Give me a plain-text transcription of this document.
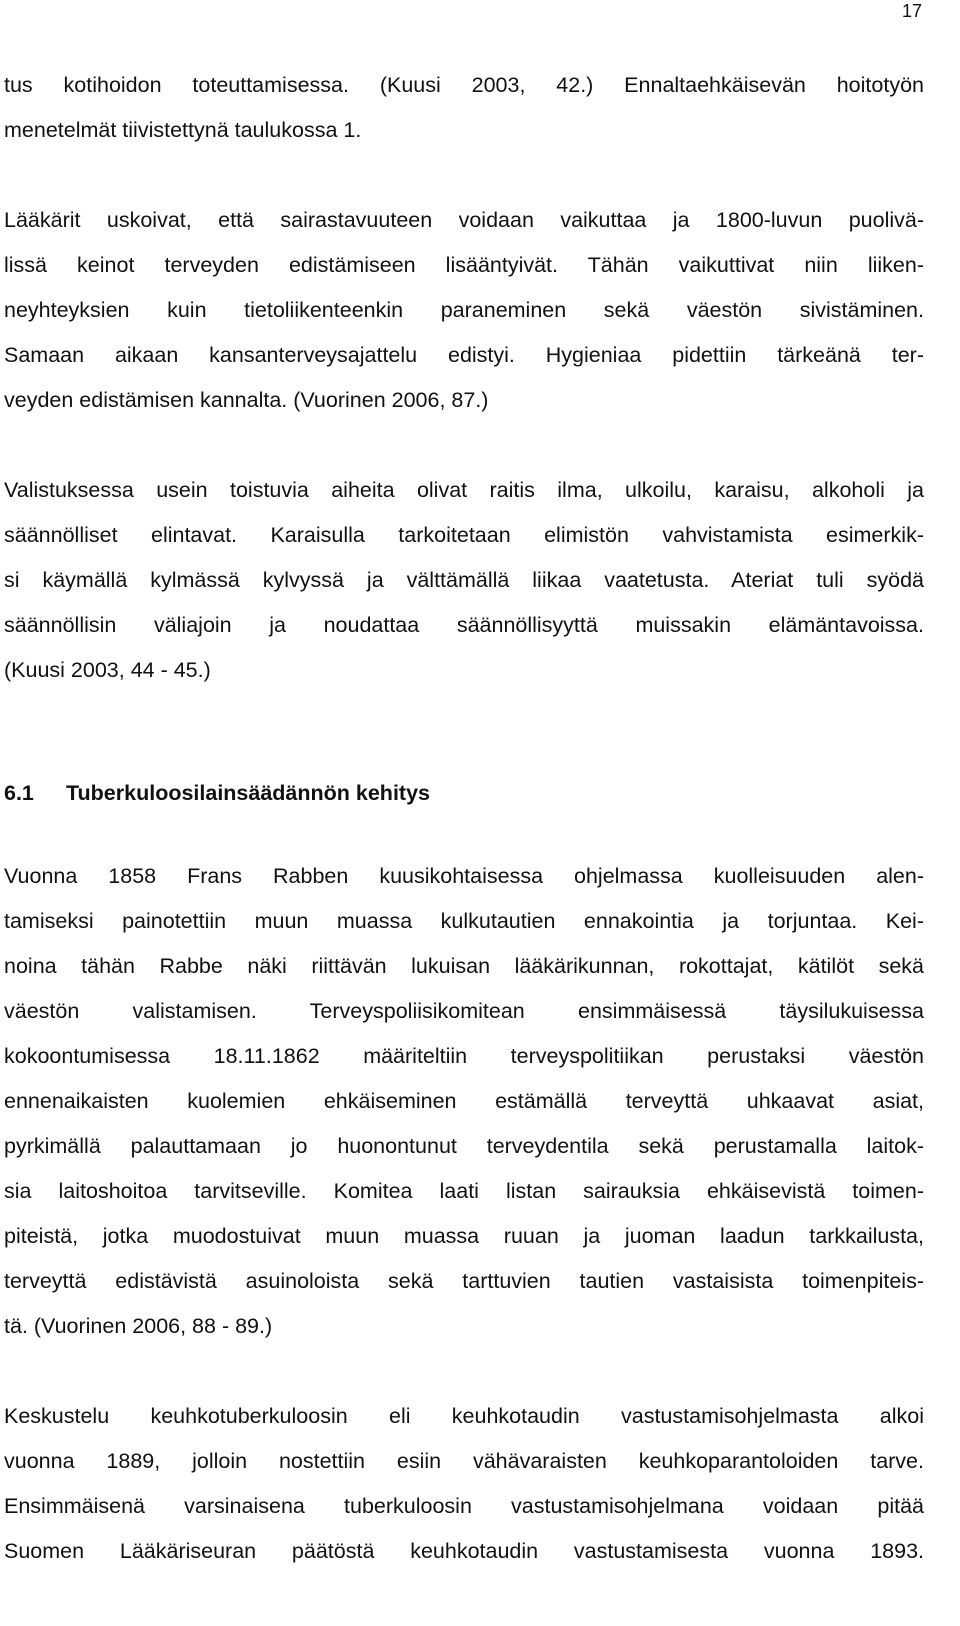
17
tus kotihoidon toteuttamisessa. (Kuusi 2003, 42.) Ennaltaehkäisevän hoitotyön
menetelmät tiivistettynä taulukossa 1.
Lääkärit uskoivat, että sairastavuuteen voidaan vaikuttaa ja 1800-luvun puolivä-
lissä keinot terveyden edistämiseen lisääntyivät. Tähän vaikuttivat niin liiken-
neyhteyksien kuin tietoliikenteenkin paraneminen sekä väestön sivistäminen.
Samaan aikaan kansanterveysajattelu edistyi. Hygieniaa pidettiin tärkeänä ter-
veyden edistämisen kannalta. (Vuorinen 2006, 87.)
Valistuksessa usein toistuvia aiheita olivat raitis ilma, ulkoilu, karaisu, alkoholi ja
säännölliset elintavat. Karaisulla tarkoitetaan elimistön vahvistamista esimerkik-
si käymällä kylmässä kylvyssä ja välttämällä liikaa vaatetusta. Ateriat tuli syödä
säännöllisin väliajoin ja noudattaa säännöllisyyttä muissakin elämäntavoissa.
(Kuusi 2003, 44 - 45.)
6.1 Tuberkuloosilainsäädännön kehitys
Vuonna 1858 Frans Rabben kuusikohtaisessa ohjelmassa kuolleisuuden alen-
tamiseksi painotettiin muun muassa kulkutautien ennakointia ja torjuntaa. Kei-
noina tähän Rabbe näki riittävän lukuisan lääkärikunnan, rokottajat, kätilöt sekä
väestön valistamisen. Terveyspoliisikomitean ensimmäisessä täysilukuisessa
kokoontumisessa 18.11.1862 määriteltiin terveyspolitiikan perustaksi väestön
ennenaikaisten kuolemien ehkäiseminen estämällä terveyttä uhkaavat asiat,
pyrkimällä palauttamaan jo huonontunut terveydentila sekä perustamalla laitok-
sia laitoshoitoa tarvitseville. Komitea laati listan sairauksia ehkäisevistä toimen-
piteistä, jotka muodostuivat muun muassa ruuan ja juoman laadun tarkkailusta,
terveyttä edistävistä asuinoloista sekä tarttuvien tautien vastaisista toimenpiteis-
tä. (Vuorinen 2006, 88 - 89.)
Keskustelu keuhkotuberkuloosin eli keuhkotaudin vastustamisohjelmasta alkoi
vuonna 1889, jolloin nostettiin esiin vähävaraisten keuhkoparantoloiden tarve.
Ensimmäisenä varsinaisena tuberkuloosin vastustamisohjelmana voidaan pitää
Suomen Lääkäriseuran päätöstä keuhkotaudin vastustamisesta vuonna 1893.
